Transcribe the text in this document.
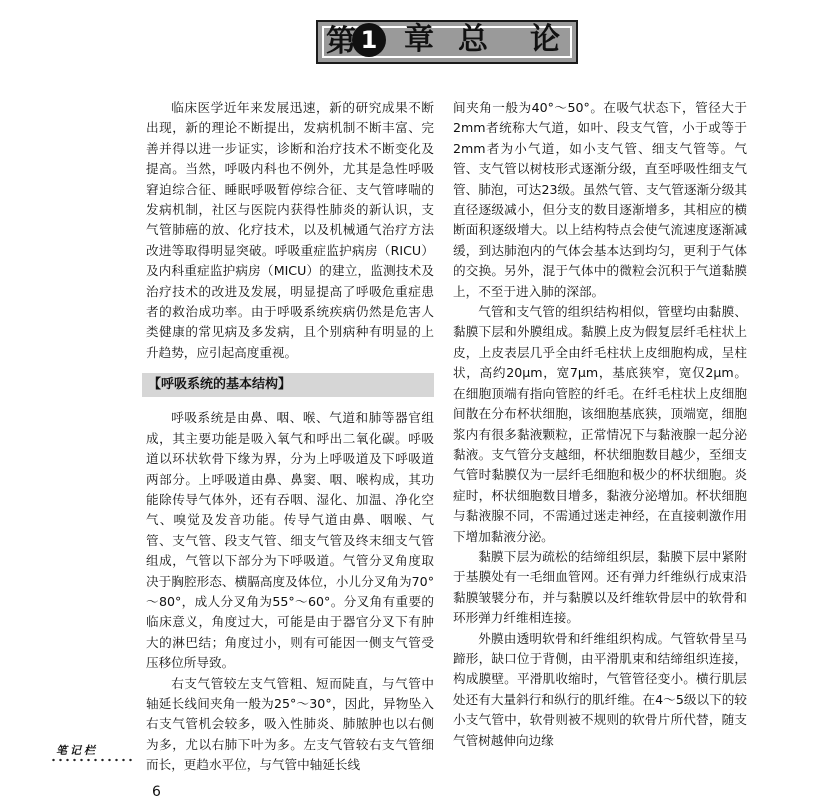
第 1 章 总 论

临床医学近年来发展迅速，新的研究成果不断出现，新的理论不断提出，发病机制不断丰富、完善并得以进一步证实，诊断和治疗技术不断变化及提高。当然，呼吸内科也不例外，尤其是急性呼吸窘迫综合征、睡眠呼吸暂停综合征、支气管哮喘的发病机制，社区与医院内获得性肺炎的新认识，支气管肺癌的放、化疗技术，以及机械通气治疗方法改进等取得明显突破。呼吸重症监护病房（RICU）及内科重症监护病房（MICU）的建立，监测技术及治疗技术的改进及发展，明显提高了呼吸危重症患者的救治成功率。由于呼吸系统疾病仍然是危害人类健康的常见病及多发病，且个别病种有明显的上升趋势，应引起高度重视。

【呼吸系统的基本结构】

呼吸系统是由鼻、咽、喉、气道和肺等器官组成，其主要功能是吸入氧气和呼出二氧化碳。呼吸道以环状软骨下缘为界，分为上呼吸道及下呼吸道两部分。上呼吸道由鼻、鼻窦、咽、喉构成，其功能除传导气体外，还有吞咽、湿化、加温、净化空气、嗅觉及发音功能。传导气道由鼻、咽喉、气管、支气管、段支气管、细支气管及终末细支气管组成，气管以下部分为下呼吸道。气管分叉角度取决于胸腔形态、横膈高度及体位，小儿分叉角为70°～80°，成人分叉角为55°～60°。分叉角有重要的临床意义，角度过大，可能是由于器官分叉下有肿大的淋巴结；角度过小，则有可能因一侧支气管受压移位所导致。

右支气管较左支气管粗、短而陡直，与气管中轴延长线间夹角一般为25°～30°，因此，异物坠入右支气管机会较多，吸入性肺炎、肺脓肿也以右侧为多，尤以右肺下叶为多。左支气管较右支气管细而长，更趋水平位，与气管中轴延长线

间夹角一般为40°～50°。在吸气状态下，管径大于2mm者统称大气道，如叶、段支气管，小于或等于2mm者为小气道，如小支气管、细支气管等。气管、支气管以树枝形式逐渐分级，直至呼吸性细支气管、肺泡，可达23级。虽然气管、支气管逐渐分级其直径逐级减小，但分支的数目逐渐增多，其相应的横断面积逐级增大。以上结构特点会使气流速度逐渐减缓，到达肺泡内的气体会基本达到均匀，更利于气体的交换。另外，混于气体中的微粒会沉积于气道黏膜上，不至于进入肺的深部。

气管和支气管的组织结构相似，管壁均由黏膜、黏膜下层和外膜组成。黏膜上皮为假复层纤毛柱状上皮，上皮表层几乎全由纤毛柱状上皮细胞构成，呈柱状，高约20μm，宽7μm，基底狭窄，宽仅2μm。在细胞顶端有指向管腔的纤毛。在纤毛柱状上皮细胞间散在分布杯状细胞，该细胞基底狭，顶端宽，细胞浆内有很多黏液颗粒，正常情况下与黏液腺一起分泌黏液。支气管分支越细，杯状细胞数目越少，至细支气管时黏膜仅为一层纤毛细胞和极少的杯状细胞。炎症时，杯状细胞数目增多，黏液分泌增加。杯状细胞与黏液腺不同，不需通过迷走神经，在直接刺激作用下增加黏液分泌。

黏膜下层为疏松的结缔组织层，黏膜下层中紧附于基膜处有一毛细血管网。还有弹力纤维纵行成束沿黏膜皱襞分布，并与黏膜以及纤维软骨层中的软骨和环形弹力纤维相连接。

外膜由透明软骨和纤维组织构成。气管软骨呈马蹄形，缺口位于背侧，由平滑肌束和结缔组织连接，构成膜壁。平滑肌收缩时，气管管径变小。横行肌层处还有大量斜行和纵行的肌纤维。在4～5级以下的较小支气管中，软骨则被不规则的软骨片所代替，随支气管树越伸向边缘

笔记栏
6
